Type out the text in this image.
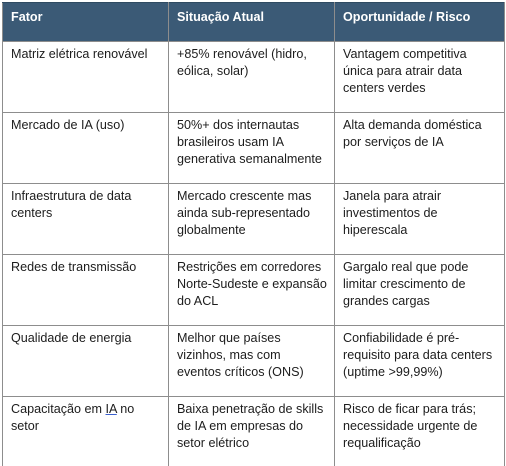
Fator	Situação Atual	Oportunidade / Risco
Matriz elétrica renovável	+85% renovável (hidro, eólica, solar)	Vantagem competitiva única para atrair data centers verdes
Mercado de IA (uso)	50%+ dos internautas brasileiros usam IA generativa semanalmente	Alta demanda doméstica por serviços de IA
Infraestrutura de data centers	Mercado crescente mas ainda sub-representado globalmente	Janela para atrair investimentos de hiperescala
Redes de transmissão	Restrições em corredores Norte-Sudeste e expansão do ACL	Gargalo real que pode limitar crescimento de grandes cargas
Qualidade de energia	Melhor que países vizinhos, mas com eventos críticos (ONS)	Confiabilidade é pré-requisito para data centers (uptime >99,99%)
Capacitação em IA no setor	Baixa penetração de skills de IA em empresas do setor elétrico	Risco de ficar para trás; necessidade urgente de requalificação
